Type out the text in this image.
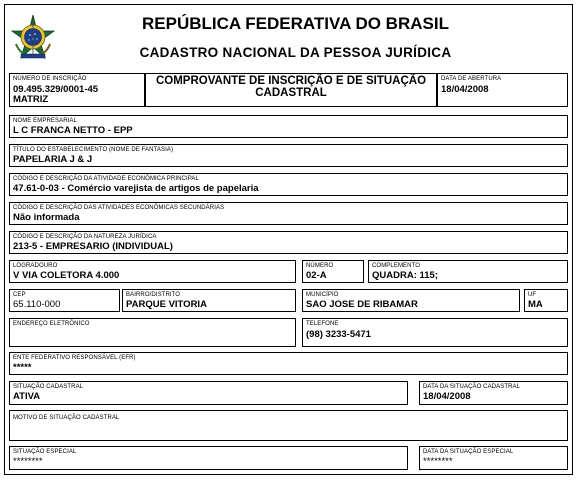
REPÚBLICA FEDERATIVA DO BRASIL
CADASTRO NACIONAL DA PESSOA JURÍDICA
NÚMERO DE INSCRIÇÃO
09.495.329/0001-45
MATRIZ
COMPROVANTE DE INSCRIÇÃO E DE SITUAÇÃO
CADASTRAL
DATA DE ABERTURA
18/04/2008
NOME EMPRESARIAL
L C FRANCA NETTO - EPP
TÍTULO DO ESTABELECIMENTO (NOME DE FANTASIA)
PAPELARIA J & J
CÓDIGO E DESCRIÇÃO DA ATIVIDADE ECONÔMICA PRINCIPAL
47.61-0-03 - Comércio varejista de artigos de papelaria
CÓDIGO E DESCRIÇÃO DAS ATIVIDADES ECONÔMICAS SECUNDÁRIAS
Não informada
CÓDIGO E DESCRIÇÃO DA NATUREZA JURÍDICA
213-5 - EMPRESARIO (INDIVIDUAL)
LOGRADOURO
V VIA COLETORA 4.000
NÚMERO
02-A
COMPLEMENTO
QUADRA: 115;
CEP
65.110-000
BAIRRO/DISTRITO
PARQUE VITORIA
MUNICÍPIO
SAO JOSE DE RIBAMAR
UF
MA
ENDEREÇO ELETRÔNICO	TELEFONE
(98) 3233-5471
ENTE FEDERATIVO RESPONSÁVEL (EFR)
*****
SITUAÇÃO CADASTRAL
ATIVA
DATA DA SITUAÇÃO CADASTRAL
18/04/2008
MOTIVO DE SITUAÇÃO CADASTRAL
SITUAÇÃO ESPECIAL
********
DATA DA SITUAÇÃO ESPECIAL
********
